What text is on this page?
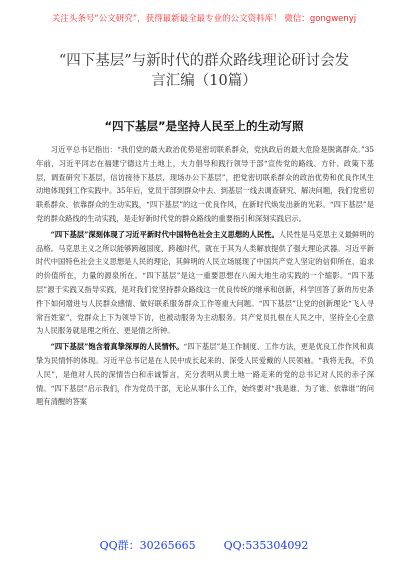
关注头条号“公文研究”，获得最新最全最专业的公文资料库！ 微信：gongwenyj
“四下基层”与新时代的群众路线理论研讨会发言汇编（10篇）
“四下基层”是坚持人民至上的生动写照

习近平总书记指出：“我们党的最大政治优势是密切联系群众，党执政后的最大危险是脱离群众。”35年前，习近平同志在福建宁德这片土地上，大力倡导和践行领导干部“宣传党的路线、方针、政策下基层，调查研究下基层，信访接待下基层，现场办公下基层”，把党密切联系群众的政治优势和优良作风生动地体现到工作实践中。35年后，党员干部到群众中去、到基层一线去调查研究、解决问题，我们党密切联系群众、依靠群众的生动实践，“四下基层”的这一优良作风，在新时代焕发出新的光彩。“四下基层”是党的群众路线的生动实践，是走好新时代党的群众路线的重要指引和深刻实践启示。

“四下基层”深刻体现了习近平新时代中国特色社会主义思想的人民性。人民性是马克思主义最鲜明的品格。马克思主义之所以能够跨越国度、跨越时代，就在于其为人类解放提供了强大理论武器。习近平新时代中国特色社会主义思想是人民的理论，其鲜明的人民立场展现了中国共产党人坚定的信仰所在、追求的价值所在，力量的源泉所在。“四下基层”是这一重要思想在八闽大地生动实践的一个缩影。“四下基层”源于实践又指导实践，是对我们党坚持群众路线这一优良传统的继承和创新，科学回答了新的历史条件下如何增进与人民群众感情、做好联系服务群众工作等重大问题。“四下基层”让党的创新理论“飞入寻常百姓家”，党群众上下为领导下访，也被动服务为主动服务。共产党员扎根在人民之中，坚持全心全意为人民服务就是理之所在、更是情之所钟。

“四下基层”饱含着真挚深厚的人民情怀。“四下基层”是工作制度、工作方法，更是优良工作作风和真挚为民情怀的体现。习近平总书记是在人民中成长起来的、深受人民爱戴的人民领袖。“我将无我，不负人民”，是他对人民的深情告白和赤诚誓言，充分表明从黄土地一路走来的党的总书记对人民的赤子深情。“四下基层”启示我们，作为党员干部，无论从事什么工作，始终要对“我是谁、为了谁、依靠谁”的问题有清醒的答案

QQ群：30265665	QQ:535304092
